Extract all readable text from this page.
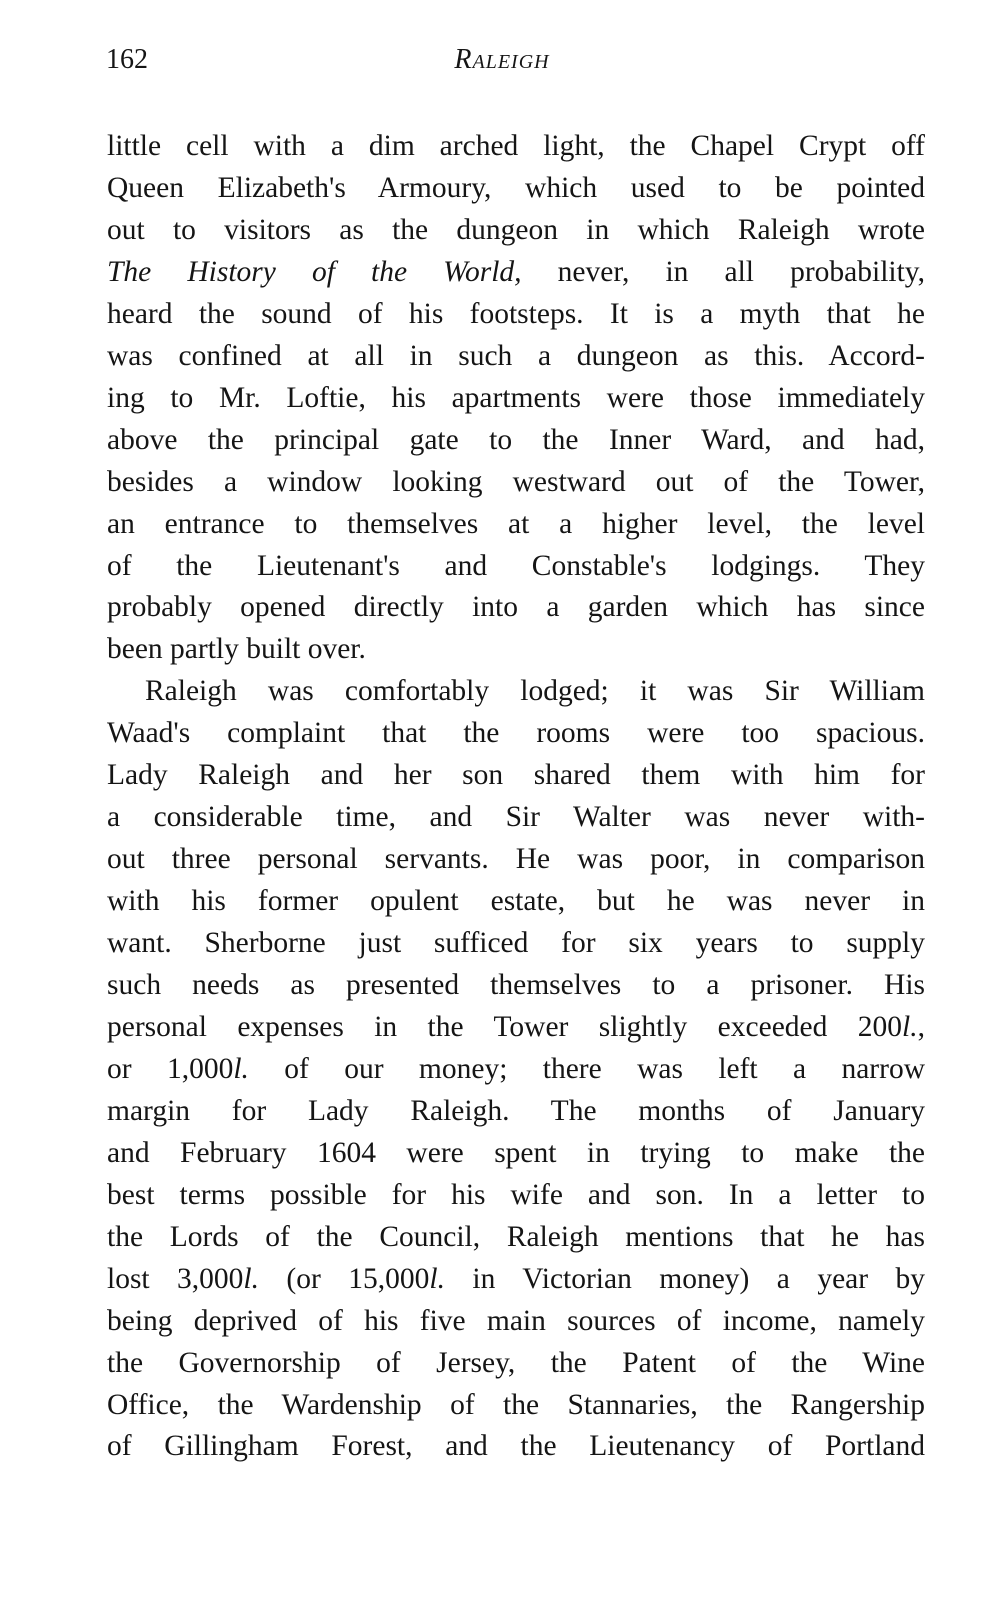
162	Raleigh
little cell with a dim arched light, the Chapel Crypt off
Queen Elizabeth's Armoury, which used to be pointed
out to visitors as the dungeon in which Raleigh wrote
The History of the World, never, in all probability,
heard the sound of his footsteps. It is a myth that he
was confined at all in such a dungeon as this. Accord-
ing to Mr. Loftie, his apartments were those immediately
above the principal gate to the Inner Ward, and had,
besides a window looking westward out of the Tower,
an entrance to themselves at a higher level, the level
of the Lieutenant's and Constable's lodgings. They
probably opened directly into a garden which has since
been partly built over.
Raleigh was comfortably lodged; it was Sir William
Waad's complaint that the rooms were too spacious.
Lady Raleigh and her son shared them with him for
a considerable time, and Sir Walter was never with-
out three personal servants. He was poor, in comparison
with his former opulent estate, but he was never in
want. Sherborne just sufficed for six years to supply
such needs as presented themselves to a prisoner. His
personal expenses in the Tower slightly exceeded 200l.,
or 1,000l. of our money; there was left a narrow
margin for Lady Raleigh. The months of January
and February 1604 were spent in trying to make the
best terms possible for his wife and son. In a letter to
the Lords of the Council, Raleigh mentions that he has
lost 3,000l. (or 15,000l. in Victorian money) a year by
being deprived of his five main sources of income, namely
the Governorship of Jersey, the Patent of the Wine
Office, the Wardenship of the Stannaries, the Rangership
of Gillingham Forest, and the Lieutenancy of Portland
